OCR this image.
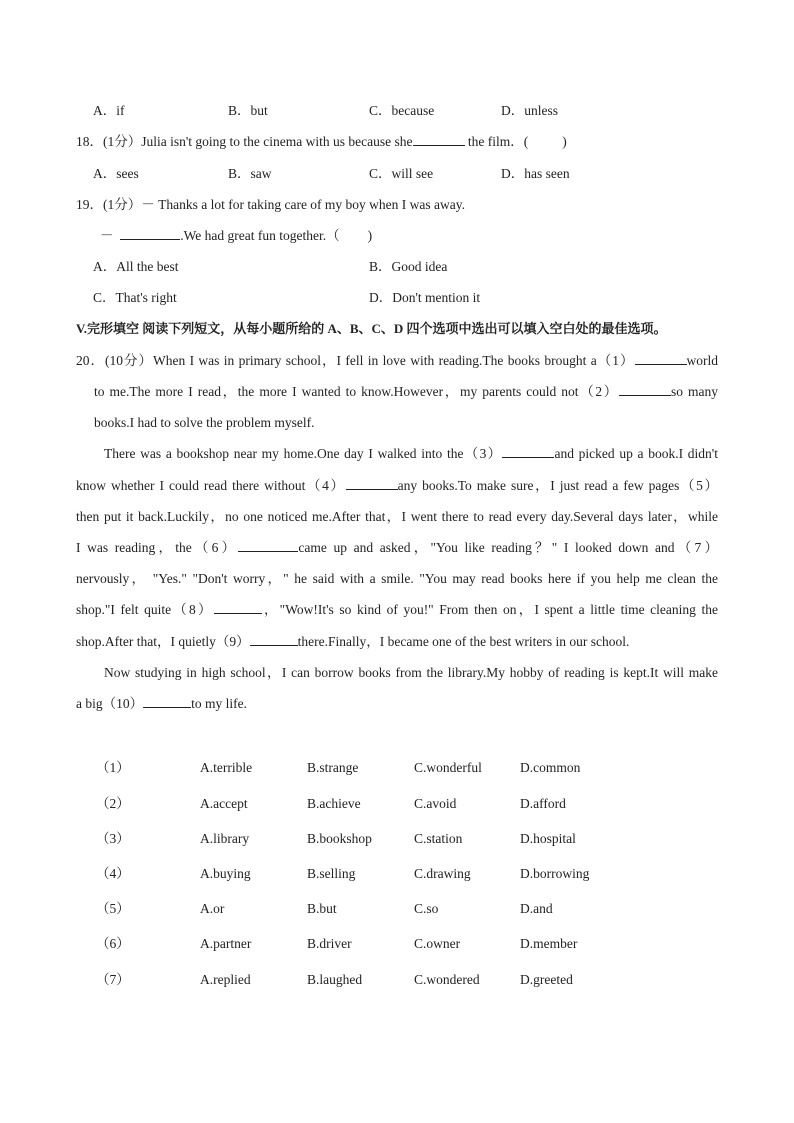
A．if	B．but	C．because	D．unless
18．(1分）Julia isn't going to the cinema with us because she	the film．(	)
A．sees	B．saw	C．will see	D．has seen
19．(1分）－ Thanks a lot for taking care of my boy when I was away.
－	.We had great fun together.（ )
A．All the best	B．Good idea
C．That's right	D．Don't mention it
V.完形填空 阅读下列短文，从每小题所给的 A、B、C、D 四个选项中选出可以填入空白处的最佳选项。
20．(10分）When I was in primary school，I fell in love with reading.The books brought a（1）	world
to me.The more I read，the more I wanted to know.However，my parents could not（2）	so many
books.I had to solve the problem myself.
There was a bookshop near my home.One day I walked into the（3）	and picked up a book.I didn't
know whether I could read there without（4）	any books.To make sure，I just read a few pages（5）
then put it back.Luckily，no one noticed me.After that，I went there to read every day.Several days later，while
I was reading，the（6）	came up and asked，"You like reading？" I looked down and（7）
nervously， "Yes." "Don't worry，" he said with a smile. "You may read books here if you help me clean the
shop."I felt quite（8）	，"Wow!It's so kind of you!" From then on，I spent a little time cleaning the
shop.After that，I quietly（9）	there.Finally，I became one of the best writers in our school.
Now studying in high school，I can borrow books from the library.My hobby of reading is kept.It will make
a big（10）	to my life.
（1）	A.terrible	B.strange	C.wonderful	D.common
（2）	A.accept	B.achieve	C.avoid	D.afford
（3）	A.library	B.bookshop	C.station	D.hospital
（4）	A.buying	B.selling	C.drawing	D.borrowing
（5）	A.or	B.but	C.so	D.and
（6）	A.partner	B.driver	C.owner	D.member
（7）	A.replied	B.laughed	C.wondered	D.greeted
